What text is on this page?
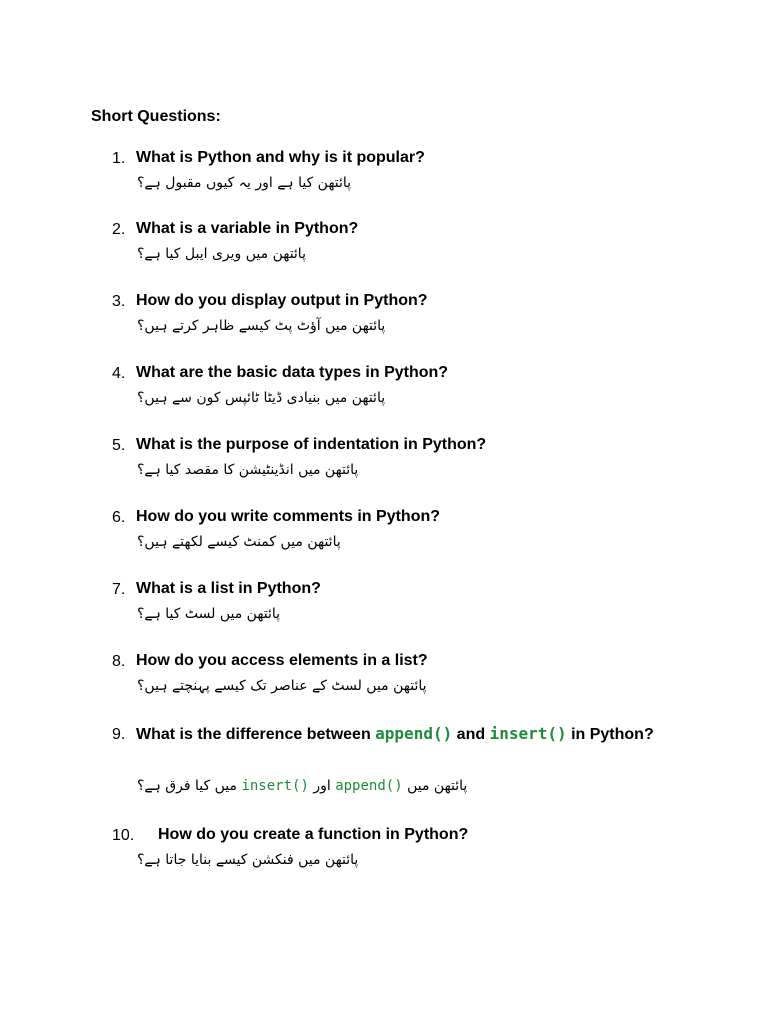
Short Questions:

1. What is Python and why is it popular?
پائتھن کیا ہے اور یہ کیوں مقبول ہے؟
2. What is a variable in Python?
پائتھن میں ویری ایبل کیا ہے؟
3. How do you display output in Python?
پائتھن میں آؤٹ پٹ کیسے ظاہر کرتے ہیں؟
4. What are the basic data types in Python?
پائتھن میں بنیادی ڈیٹا ٹائپس کون سے ہیں؟
5. What is the purpose of indentation in Python?
پائتھن میں انڈینٹیشن کا مقصد کیا ہے؟
6. How do you write comments in Python?
پائتھن میں کمنٹ کیسے لکھتے ہیں؟
7. What is a list in Python?
پائتھن میں لسٹ کیا ہے؟
8. How do you access elements in a list?
پائتھن میں لسٹ کے عناصر تک کیسے پہنچتے ہیں؟
9. What is the difference between append() and insert() in Python?
پائتھن میں append() اور insert() میں کیا فرق ہے؟
10. How do you create a function in Python?
پائتھن میں فنکشن کیسے بنایا جاتا ہے؟
